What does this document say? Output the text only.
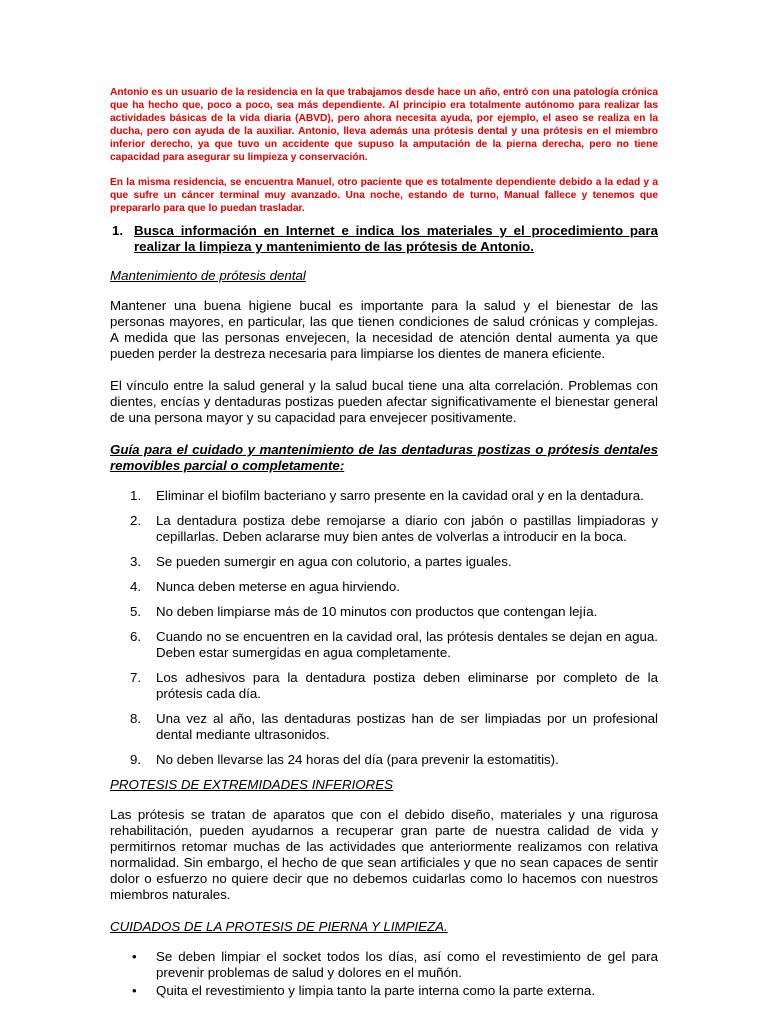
Antonio es un usuario de la residencia en la que trabajamos desde hace un año, entró con una patología crónica que ha hecho que, poco a poco, sea más dependiente. Al principio era totalmente autónomo para realizar las actividades básicas de la vida diaria (ABVD), pero ahora necesita ayuda, por ejemplo, el aseo se realiza en la ducha, pero con ayuda de la auxiliar. Antonio, lleva además una prótesis dental y una prótesis en el miembro inferior derecho, ya que tuvo un accidente que supuso la amputación de la pierna derecha, pero no tiene capacidad para asegurar su limpieza y conservación.

En la misma residencia, se encuentra Manuel, otro paciente que es totalmente dependiente debido a la edad y a que sufre un cáncer terminal muy avanzado. Una noche, estando de turno, Manual fallece y tenemos que prepararlo para que lo puedan trasladar.

1. Busca información en Internet e indica los materiales y el procedimiento para realizar la limpieza y mantenimiento de las prótesis de Antonio.
Mantenimiento de prótesis dental

Mantener una buena higiene bucal es importante para la salud y el bienestar de las personas mayores, en particular, las que tienen condiciones de salud crónicas y complejas. A medida que las personas envejecen, la necesidad de atención dental aumenta ya que pueden perder la destreza necesaria para limpiarse los dientes de manera eficiente.

El vínculo entre la salud general y la salud bucal tiene una alta correlación. Problemas con dientes, encías y dentaduras postizas pueden afectar significativamente el bienestar general de una persona mayor y su capacidad para envejecer positivamente.

Guía para el cuidado y mantenimiento de las dentaduras postizas o prótesis dentales removibles parcial o completamente:
1.	Eliminar el biofilm bacteriano y sarro presente en la cavidad oral y en la dentadura.
2.	La dentadura postiza debe remojarse a diario con jabón o pastillas limpiadoras y cepillarlas. Deben aclararse muy bien antes de volverlas a introducir en la boca.
3.	Se pueden sumergir en agua con colutorio, a partes iguales.
4.	Nunca deben meterse en agua hirviendo.
5.	No deben limpiarse más de 10 minutos con productos que contengan lejía.
6.	Cuando no se encuentren en la cavidad oral, las prótesis dentales se dejan en agua. Deben estar sumergidas en agua completamente.
7.	Los adhesivos para la dentadura postiza deben eliminarse por completo de la prótesis cada día.
8.	Una vez al año, las dentaduras postizas han de ser limpiadas por un profesional dental mediante ultrasonidos.
9.	No deben llevarse las 24 horas del día (para prevenir la estomatitis).
PROTESIS DE EXTREMIDADES INFERIORES

Las prótesis se tratan de aparatos que con el debido diseño, materiales y una rigurosa rehabilitación, pueden ayudarnos a recuperar gran parte de nuestra calidad de vida y permitirnos retomar muchas de las actividades que anteriormente realizamos con relativa normalidad. Sin embargo, el hecho de que sean artificiales y que no sean capaces de sentir dolor o esfuerzo no quiere decir que no debemos cuidarlas como lo hacemos con nuestros miembros naturales.

CUIDADOS DE LA PROTESIS DE PIERNA Y LIMPIEZA.
•	Se deben limpiar el socket todos los días, así como el revestimiento de gel para prevenir problemas de salud y dolores en el muñón.
•	Quita el revestimiento y limpia tanto la parte interna como la parte externa.
